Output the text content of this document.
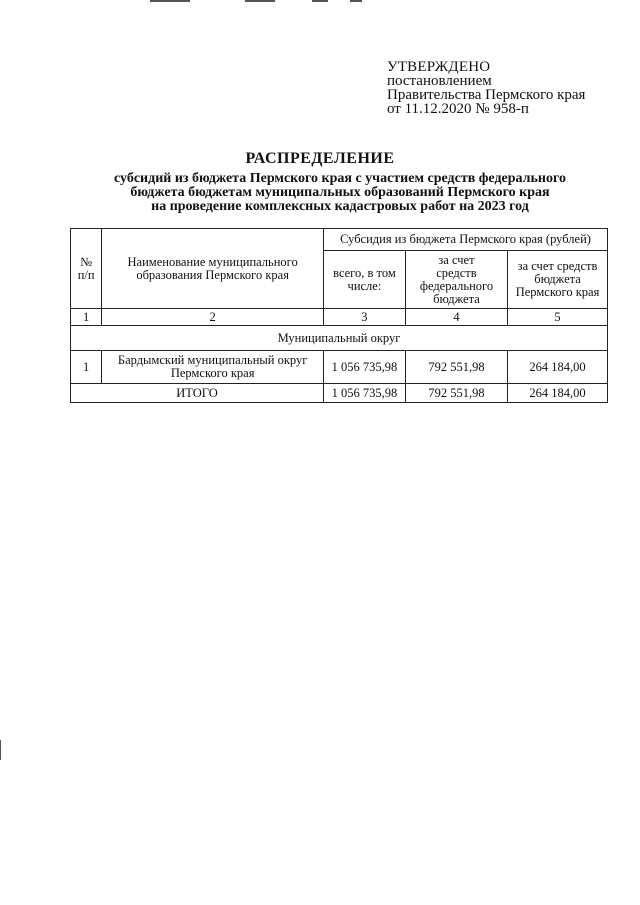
УТВЕРЖДЕНО
постановлением
Правительства Пермского края
от 11.12.2020 № 958-п
РАСПРЕДЕЛЕНИЕ
субсидий из бюджета Пермского края с участием средств федерального
бюджета бюджетам муниципальных образований Пермского края
на проведение комплексных кадастровых работ на 2023 год
№ п/п	Наименование муниципального образования Пермского края	Субсидия из бюджета Пермского края (рублей)		
		всего, в том числе:	за счет средств федерального бюджета	за счет средств бюджета Пермского края
1	2	3	4	5
Муниципальный округ				
1	Бардымский муниципальный округ Пермского края	1 056 735,98	792 551,98	264 184,00
ИТОГО		1 056 735,98	792 551,98	264 184,00
